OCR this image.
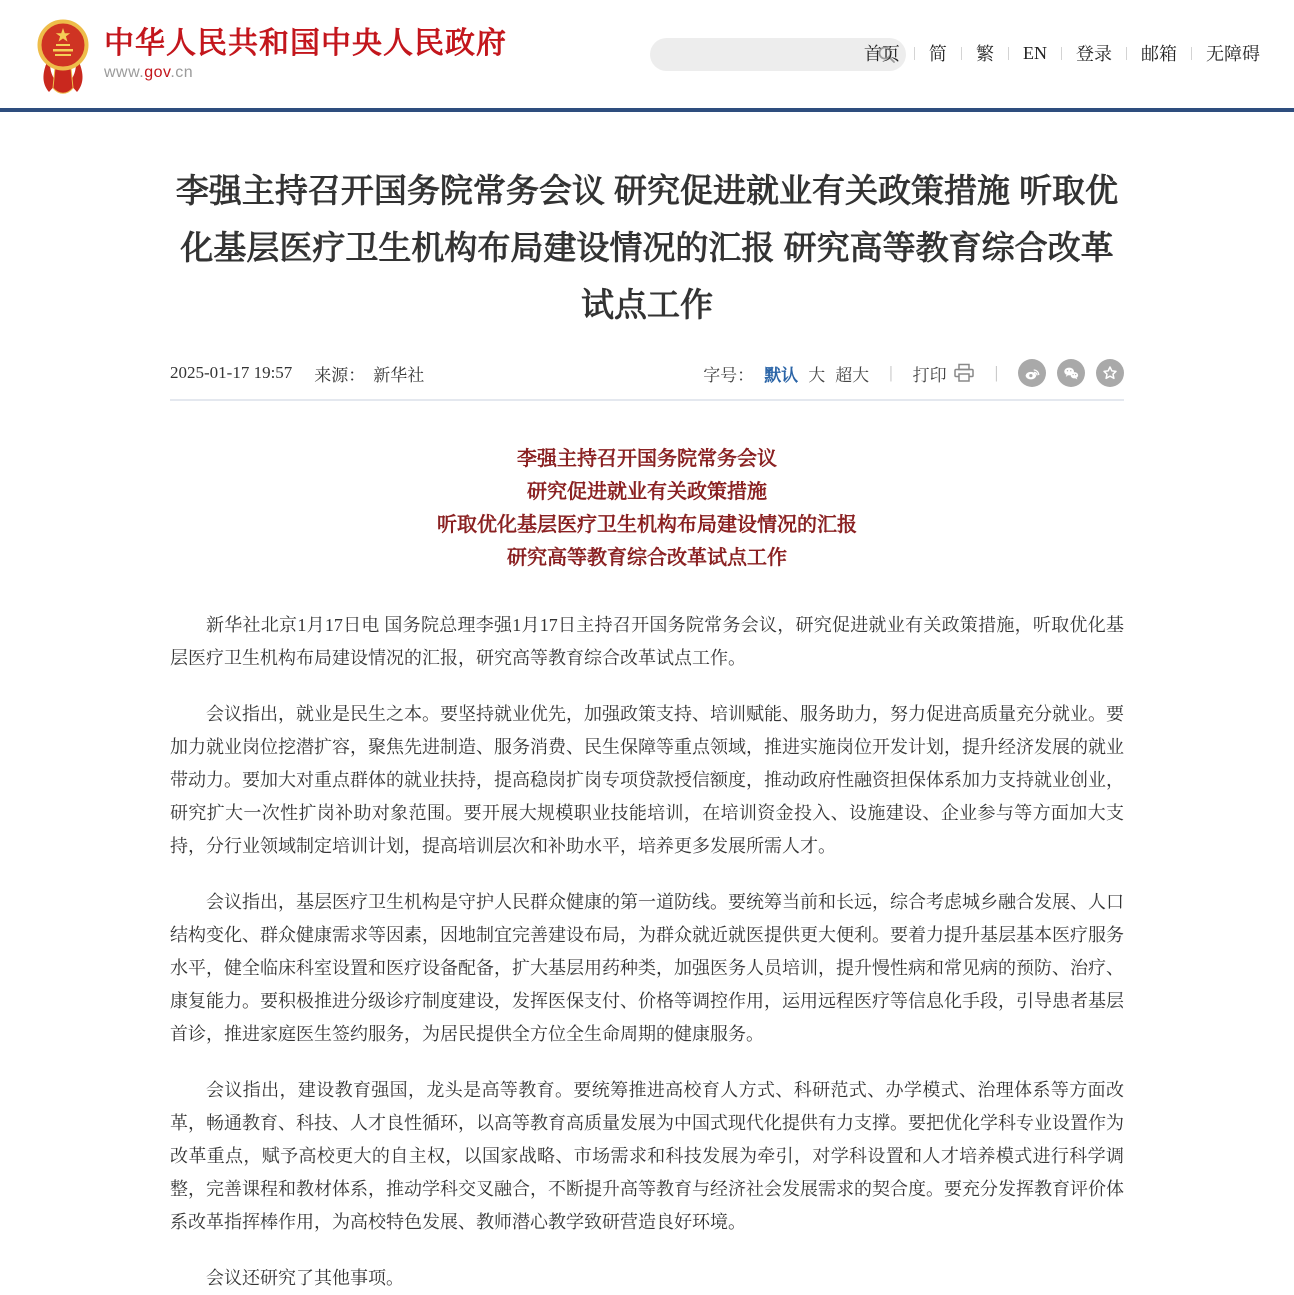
中华人民共和国中央人民政府
www.gov.cn
首页 | 简 | 繁 | EN | 登录 | 邮箱 | 无障碍
李强主持召开国务院常务会议 研究促进就业有关政策措施 听取优化基层医疗卫生机构布局建设情况的汇报 研究高等教育综合改革试点工作
2025-01-17 19:57 来源： 新华社	字号： 默认 大 超大 | 打印	|
李强主持召开国务院常务会议
研究促进就业有关政策措施
听取优化基层医疗卫生机构布局建设情况的汇报
研究高等教育综合改革试点工作

新华社北京1月17日电 国务院总理李强1月17日主持召开国务院常务会议，研究促进就业有关政策措施，听取优化基层医疗卫生机构布局建设情况的汇报，研究高等教育综合改革试点工作。

会议指出，就业是民生之本。要坚持就业优先，加强政策支持、培训赋能、服务助力，努力促进高质量充分就业。要加力就业岗位挖潜扩容，聚焦先进制造、服务消费、民生保障等重点领域，推进实施岗位开发计划，提升经济发展的就业带动力。要加大对重点群体的就业扶持，提高稳岗扩岗专项贷款授信额度，推动政府性融资担保体系加力支持就业创业，研究扩大一次性扩岗补助对象范围。要开展大规模职业技能培训，在培训资金投入、设施建设、企业参与等方面加大支持，分行业领域制定培训计划，提高培训层次和补助水平，培养更多发展所需人才。

会议指出，基层医疗卫生机构是守护人民群众健康的第一道防线。要统筹当前和长远，综合考虑城乡融合发展、人口结构变化、群众健康需求等因素，因地制宜完善建设布局，为群众就近就医提供更大便利。要着力提升基层基本医疗服务水平，健全临床科室设置和医疗设备配备，扩大基层用药种类，加强医务人员培训，提升慢性病和常见病的预防、治疗、康复能力。要积极推进分级诊疗制度建设，发挥医保支付、价格等调控作用，运用远程医疗等信息化手段，引导患者基层首诊，推进家庭医生签约服务，为居民提供全方位全生命周期的健康服务。

会议指出，建设教育强国，龙头是高等教育。要统筹推进高校育人方式、科研范式、办学模式、治理体系等方面改革，畅通教育、科技、人才良性循环，以高等教育高质量发展为中国式现代化提供有力支撑。要把优化学科专业设置作为改革重点，赋予高校更大的自主权，以国家战略、市场需求和科技发展为牵引，对学科设置和人才培养模式进行科学调整，完善课程和教材体系，推动学科交叉融合，不断提升高等教育与经济社会发展需求的契合度。要充分发挥教育评价体系改革指挥棒作用，为高校特色发展、教师潜心教学致研营造良好环境。

会议还研究了其他事项。
